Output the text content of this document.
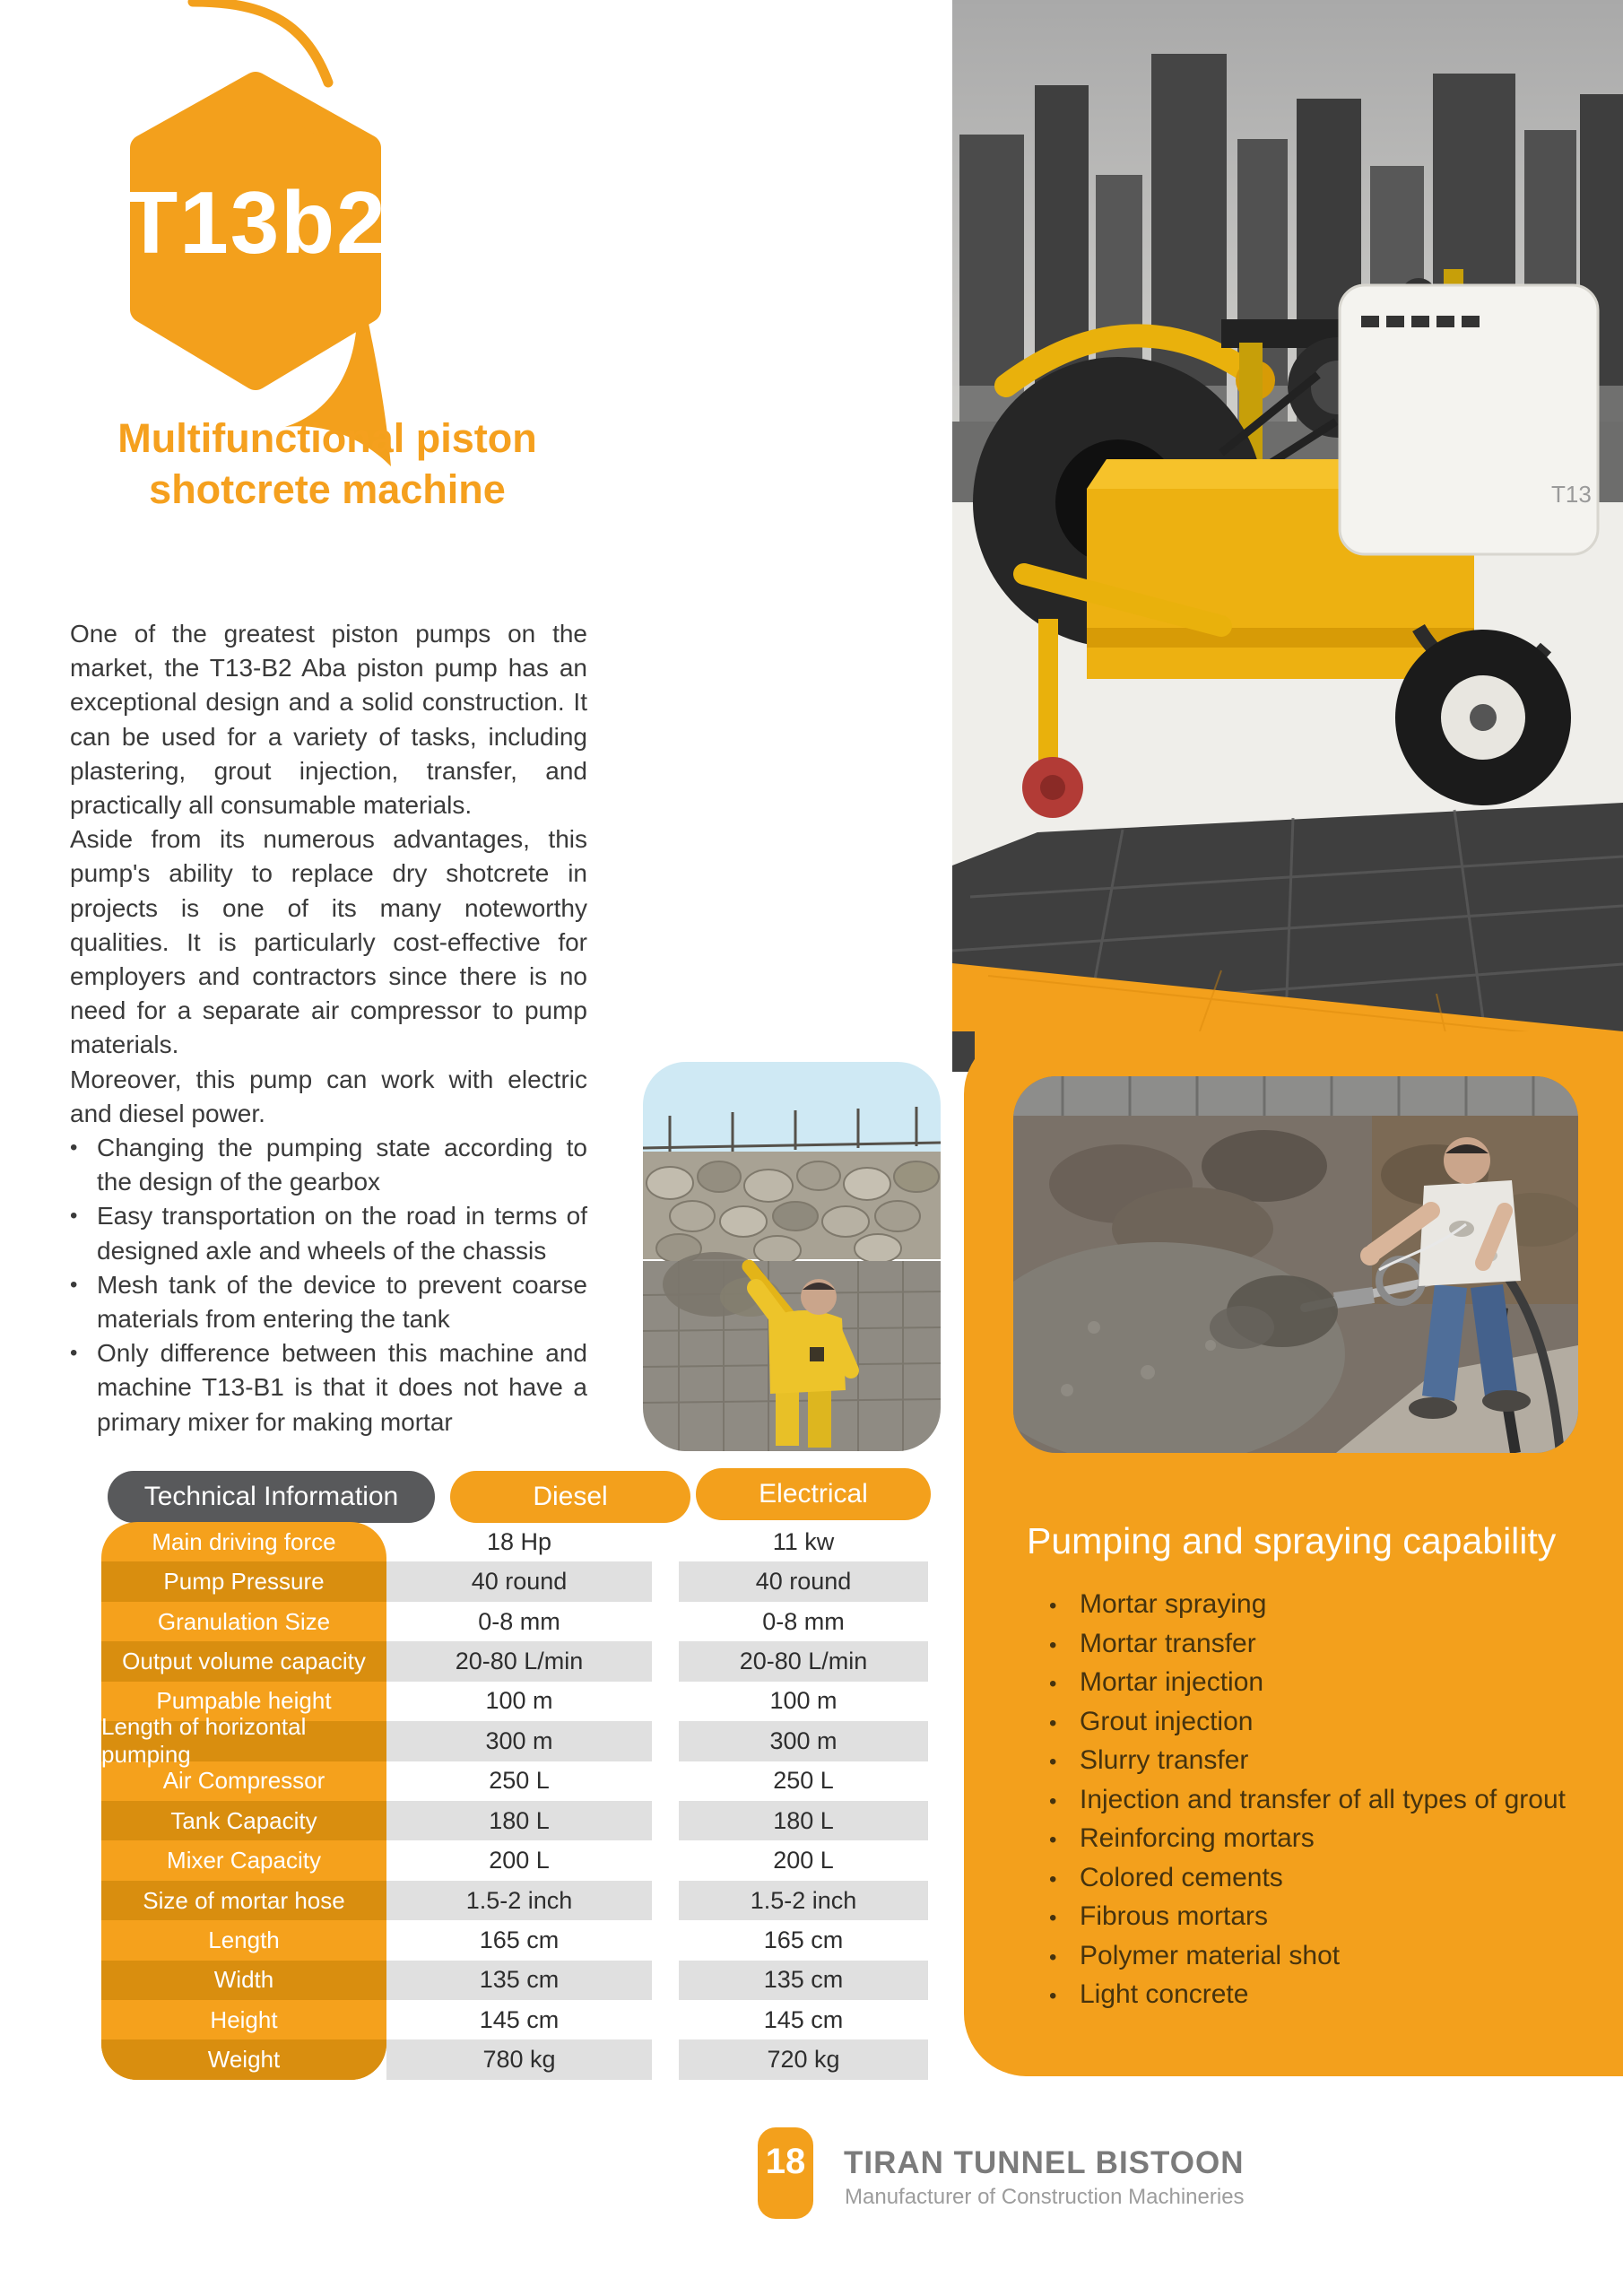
T13b2
Multifunctional piston
shotcrete machine

One of the greatest piston pumps on the market, the T13-B2 Aba piston pump has an exceptional design and a solid construction. It can be used for a variety of tasks, including plastering, grout injection, transfer, and practically all consumable materials.

Aside from its numerous advantages, this pump's ability to replace dry shotcrete in projects is one of its many noteworthy qualities. It is particularly cost-effective for employers and contractors since there is no need for a separate air compressor to pump materials.

Moreover, this pump can work with electric and diesel power.

• Changing the pumping state according to the design of the gearbox
• Easy transportation on the road in terms of designed axle and wheels of the chassis
• Mesh tank of the device to prevent coarse materials from entering the tank
• Only difference between this machine and machine T13-B1 is that it does not have a primary mixer for making mortar
T13
Pumping and spraying capability
• Mortar spraying
• Mortar transfer
• Mortar injection
• Grout injection
• Slurry transfer
• Injection and transfer of all types of grout
• Reinforcing mortars
• Colored cements
• Fibrous mortars
• Polymer material shot
• Light concrete
Technical Information	Diesel	Electrical
Main driving force
Pump Pressure
Granulation Size
Output volume capacity
Pumpable height
Length of horizontal pumping
Air Compressor
Tank Capacity
Mixer Capacity
Size of mortar hose
Length
Width
Height
Weight
18 Hp
40 round
0-8 mm
20-80 L/min
100 m
300 m
250 L
180 L
200 L
1.5-2 inch
165 cm
135 cm
145 cm
780 kg
11 kw
40 round
0-8 mm
20-80 L/min
100 m
300 m
250 L
180 L
200 L
1.5-2 inch
165 cm
135 cm
145 cm
720 kg
18 TIRAN TUNNEL BISTOON
Manufacturer of Construction Machineries
